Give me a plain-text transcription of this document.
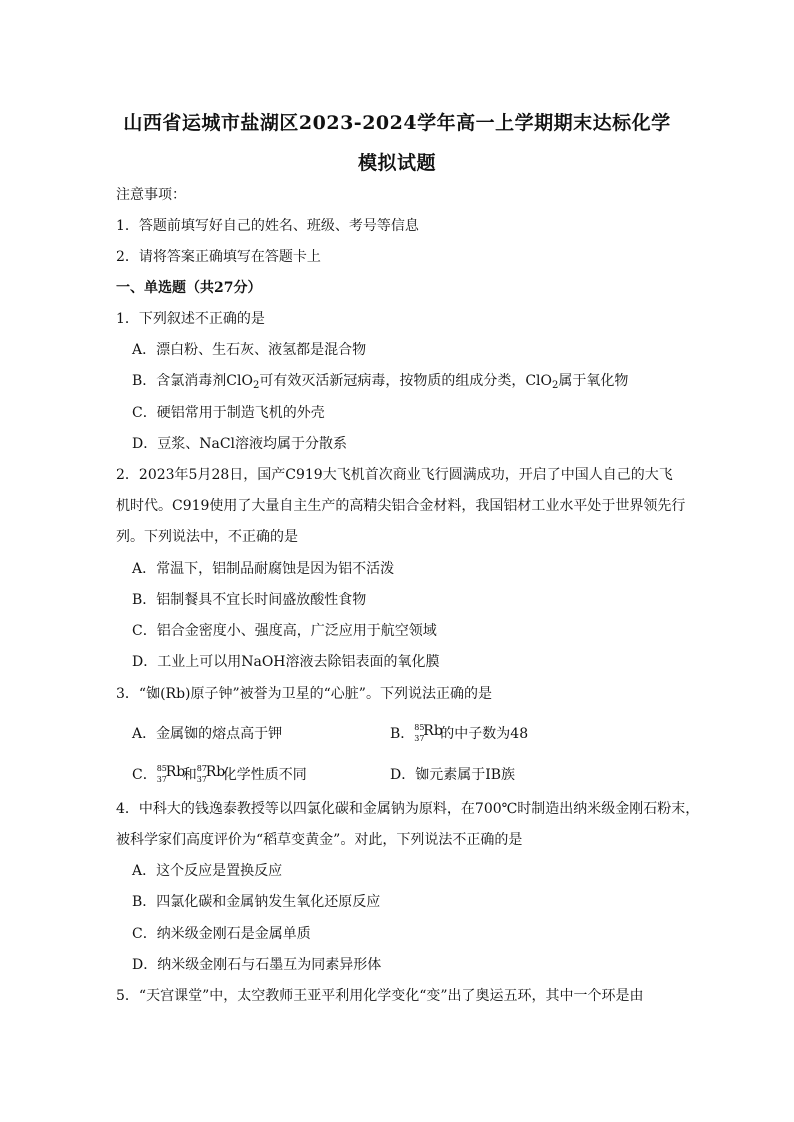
山西省运城市盐湖区2023-2024学年高一上学期期末达标化学
模拟试题
注意事项：
1．答题前填写好自己的姓名、班级、考号等信息
2．请将答案正确填写在答题卡上
一、单选题（共27分）
1．下列叙述不正确的是
A．漂白粉、生石灰、液氢都是混合物
B．含氯消毒剂ClO$_2$可有效灭活新冠病毒，按物质的组成分类，ClO$_2$属于氧化物
C．硬铝常用于制造飞机的外壳
D．豆浆、NaCl溶液均属于分散系
2．2023年5月28日，国产C919大飞机首次商业飞行圆满成功，开启了中国人自己的大飞
机时代。C919使用了大量自主生产的高精尖铝合金材料，我国铝材工业水平处于世界领先行
列。下列说法中，不正确的是
A．常温下，铝制品耐腐蚀是因为铝不活泼
B．铝制餐具不宜长时间盛放酸性食物
C．铝合金密度小、强度高，广泛应用于航空领域
D．工业上可以用NaOH溶液去除铝表面的氧化膜
3．“铷(Rb)原子钟”被誉为卫星的“心脏”。下列说法正确的是
A．金属铷的熔点高于钾	B． 85
37
Rb
的中子数为48
C． 85
37
Rb
和 87
37
Rb
化学性质不同	D．铷元素属于IB族
4．中科大的钱逸泰教授等以四氯化碳和金属钠为原料，在700℃时制造出纳米级金刚石粉末，
被科学家们高度评价为“稻草变黄金”。对此，下列说法不正确的是
A．这个反应是置换反应
B．四氯化碳和金属钠发生氧化还原反应
C．纳米级金刚石是金属单质
D．纳米级金刚石与石墨互为同素异形体
5．“天宫课堂”中，太空教师王亚平利用化学变化“变”出了奥运五环，其中一个环是由
